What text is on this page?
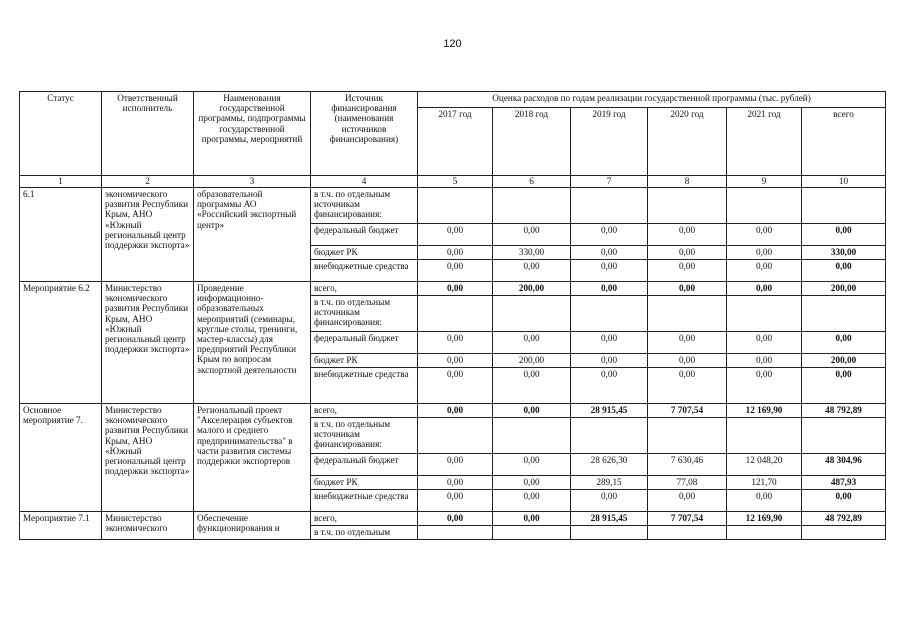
120
Статус	Ответственный исполнитель	Наименования государственной программы, подпрограммы государственной программы, мероприятий	Источник финансирования (наименования источников финансирования)	Оценка расходов по годам реализации государственной программы (тыс. рублей)					
				2017 год	2018 год	2019 год	2020 год	2021 год	всего
1	2	3	4	5	6	7	8	9	10
6.1	экономического развития Республики Крым, АНО «Южный региональный центр поддержки экспорта»	образовательной программы АО «Российский экспортный центр»	в т.ч. по отдельным источникам финансирования:						
			федеральный бюджет	0,00	0,00	0,00	0,00	0,00	0,00
			бюджет РК	0,00	330,00	0,00	0,00	0,00	330,00
			внебюджетные средства	0,00	0,00	0,00	0,00	0,00	0,00
Мероприятие 6.2	Министерство экономического развития Республики Крым, АНО «Южный региональный центр поддержки экспорта»	Проведение информационно-образовательных мероприятий (семинары, круглые столы, тренинги, мастер-классы) для предприятий Республики Крым по вопросам экспортной деятельности	всего,	0,00	200,00	0,00	0,00	0,00	200,00
			в т.ч. по отдельным источникам финансирования:						
			федеральный бюджет	0,00	0,00	0,00	0,00	0,00	0,00
			бюджет РК	0,00	200,00	0,00	0,00	0,00	200,00
			внебюджетные средства	0,00	0,00	0,00	0,00	0,00	0,00
Основное мероприятие 7.	Министерство экономического развития Республики Крым, АНО «Южный региональный центр поддержки экспорта»	Региональный проект "Акселерация субъектов малого и среднего предпринимательства" в части развития системы поддержки экспортеров	всего,	0,00	0,00	28 915,45	7 707,54	12 169,90	48 792,89
			в т.ч. по отдельным источникам финансирования:						
			федеральный бюджет	0,00	0,00	28 626,30	7 630,46	12 048,20	48 304,96
			бюджет РК	0,00	0,00	289,15	77,08	121,70	487,93
			внебюджетные средства	0,00	0,00	0,00	0,00	0,00	0,00
Мероприятие 7.1	Министерство экономического	Обеспечение функционирования и	всего,	0,00	0,00	28 915,45	7 707,54	12 169,90	48 792,89
			в т.ч. по отдельным						
